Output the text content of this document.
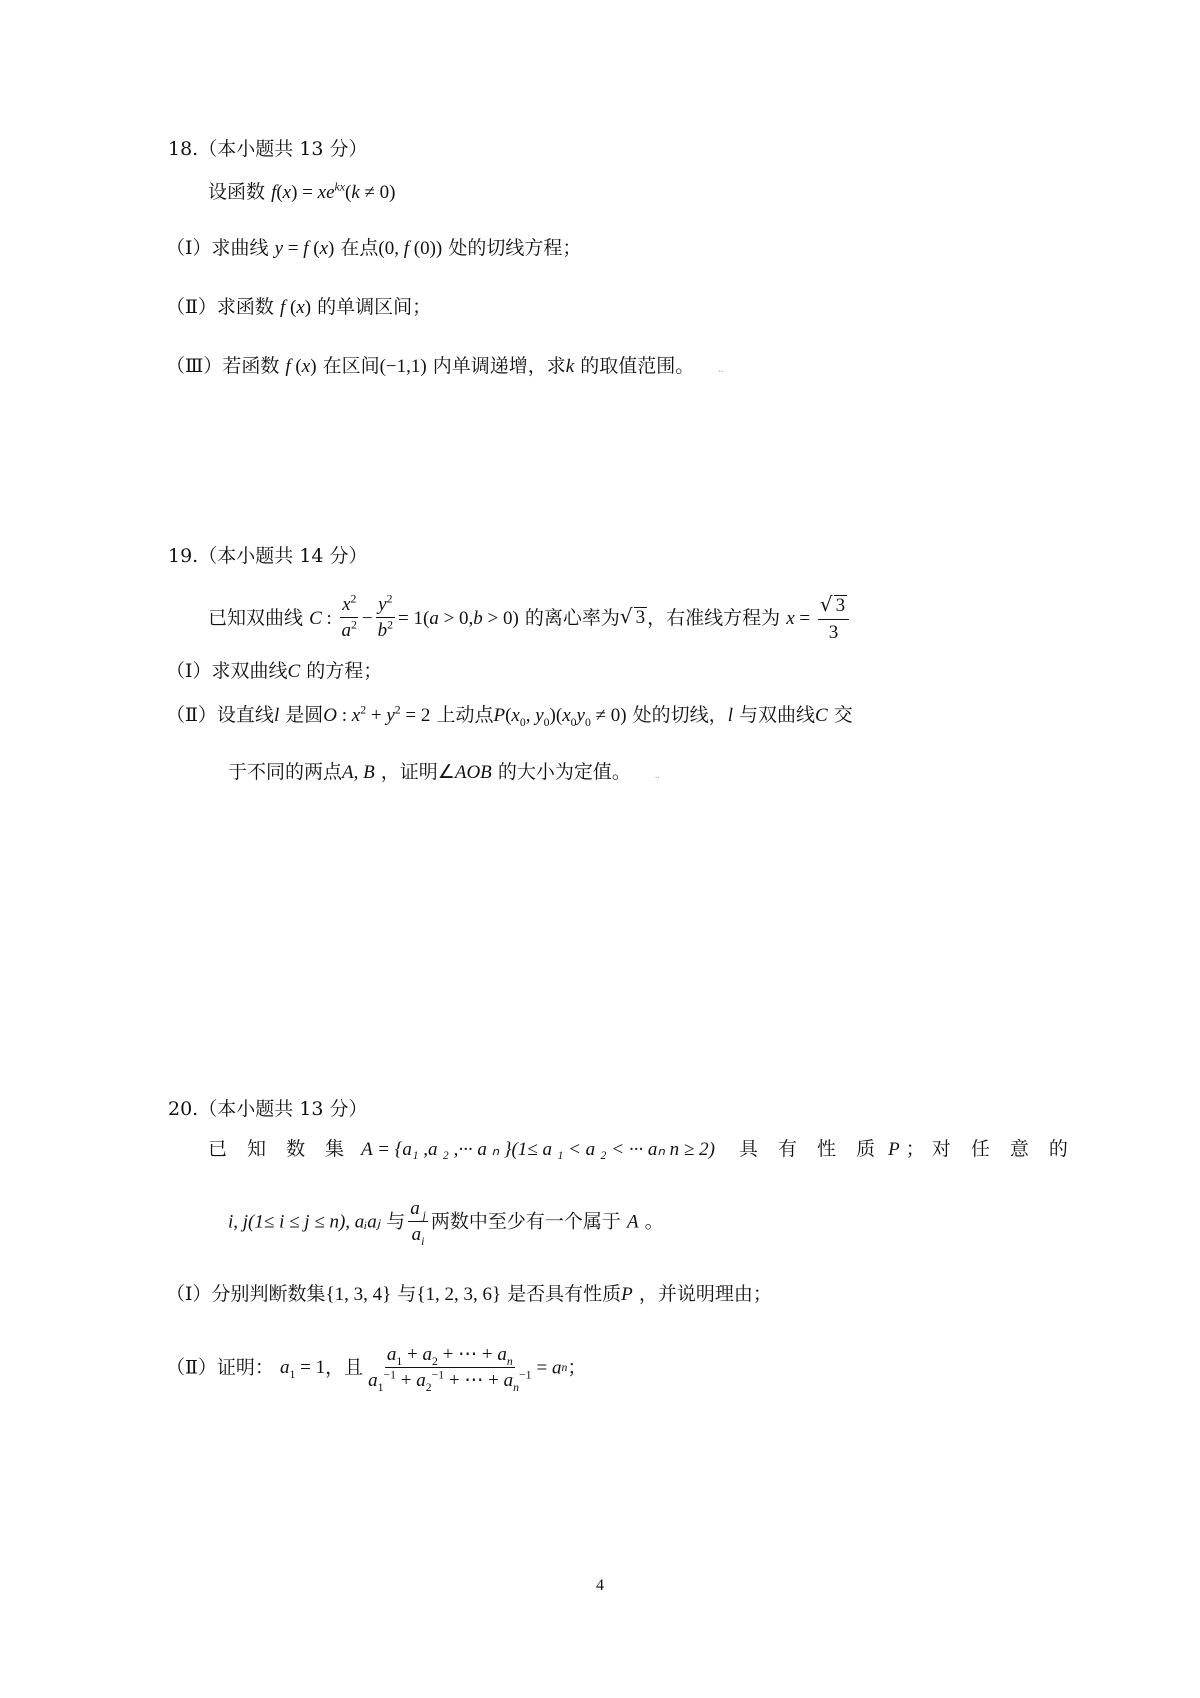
18.（本小题共 13 分）
设函数 $f(x) = xe^{kx}(k \ne 0)$
（Ⅰ）求曲线 y = f (x) 在点(0, f (0)) 处的切线方程；
（Ⅱ）求函数 f (x) 的单调区间；
（Ⅲ）若函数 f (x) 在区间(−1,1) 内单调递增，求k 的取值范围。	..
19.（本小题共 14 分）
已知双曲线 C : $\frac{x^2}{a^2} - \frac{y^2}{b^2} = 1(a > 0,b > 0)$ 的离心率为√ 3 ，右准线方程为 $x = \frac{√ 3}{3}$
（Ⅰ）求双曲线C 的方程；
（Ⅱ）设直线l 是圆O : $x^2 + y^2 = 2$ 上动点$P(x_0$, $y_0)(x_0y_0 \ne 0)$ 处的切线，l 与双曲线C 交
于不同的两点A, B ，证明∠AOB 的大小为定值。	..
20.（本小题共 13 分）
已 知 数 集 A = {a₁ ,a ₂ ,··· a ₙ }(1≤ a ₁ < a ₂ < ··· aₙ n ≥ 2) 具 有 性 质 P ；对 任 意 的
i, j(1≤ i ≤ j ≤ n), aᵢaⱼ 与 $\frac{a _j}{a_i}$ 两数中至少有一个属于 A 。
（Ⅰ）分别判断数集{1, 3, 4} 与{1, 2, 3, 6} 是否具有性质P ，并说明理由；
（Ⅱ）证明： $a_1 = 1$，且 $\frac{a_1 + a_2 + \cdots + a_n}{a_1^{-1} + a_2^{-1} + \cdots + a_n^{-1}}$ = an；
4
